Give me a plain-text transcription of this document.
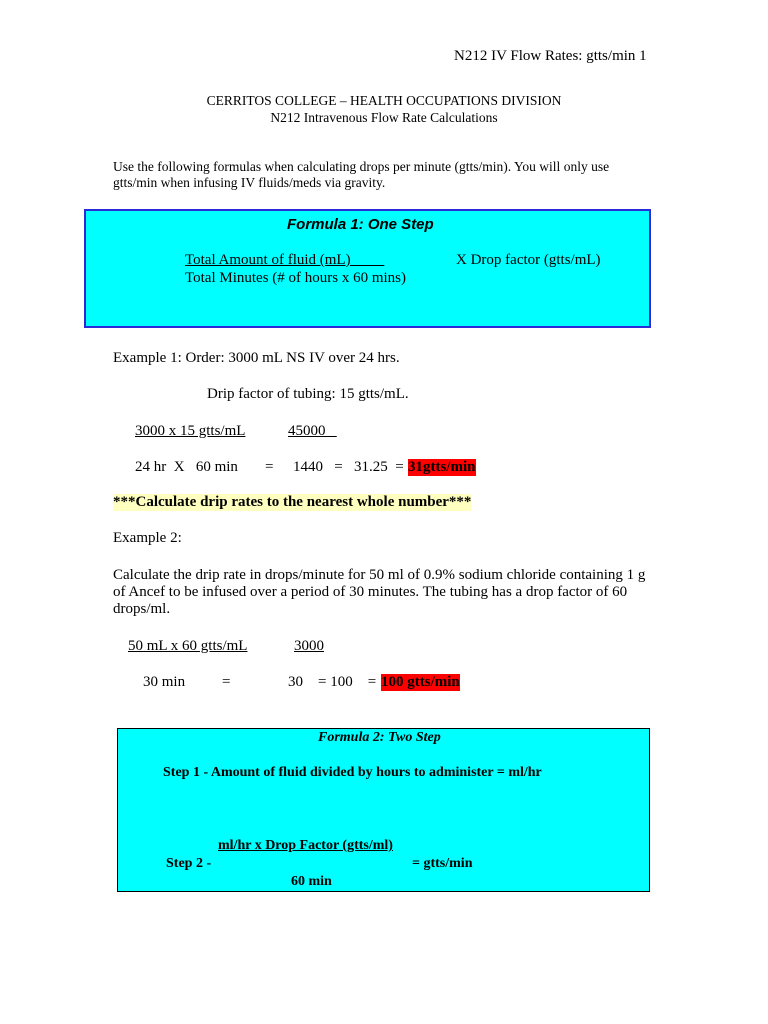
N212 IV Flow Rates: gtts/min 1
CERRITOS COLLEGE – HEALTH OCCUPATIONS DIVISION
N212 Intravenous Flow Rate Calculations
Use the following formulas when calculating drops per minute (gtts/min). You will only use
gtts/min when infusing IV fluids/meds via gravity.
Formula 1: One Step
Total Amount of fluid (mL)	X Drop factor (gtts/mL)
Total Minutes (# of hours x 60 mins)
Example 1: Order: 3000 mL NS IV over 24 hrs.
Drip factor of tubing: 15 gtts/mL.
3000 x 15 gtts/mL	45000
24 hr  X   60 min = 1440   =   31.25  = 31gtts/min
***Calculate drip rates to the nearest whole number***
Example 2:
Calculate the drip rate in drops/minute for 50 ml of 0.9% sodium chloride containing 1 g
of Ancef to be infused over a period of 30 minutes. The tubing has a drop factor of 60
drops/ml.
50 mL x 60 gtts/mL	3000
30 min =	30    = 100    = 100 gtts/min
Formula 2: Two Step
Step 1 - Amount of fluid divided by hours to administer = ml/hr
ml/hr x Drop Factor (gtts/ml)
Step 2 -	= gtts/min
60 min
